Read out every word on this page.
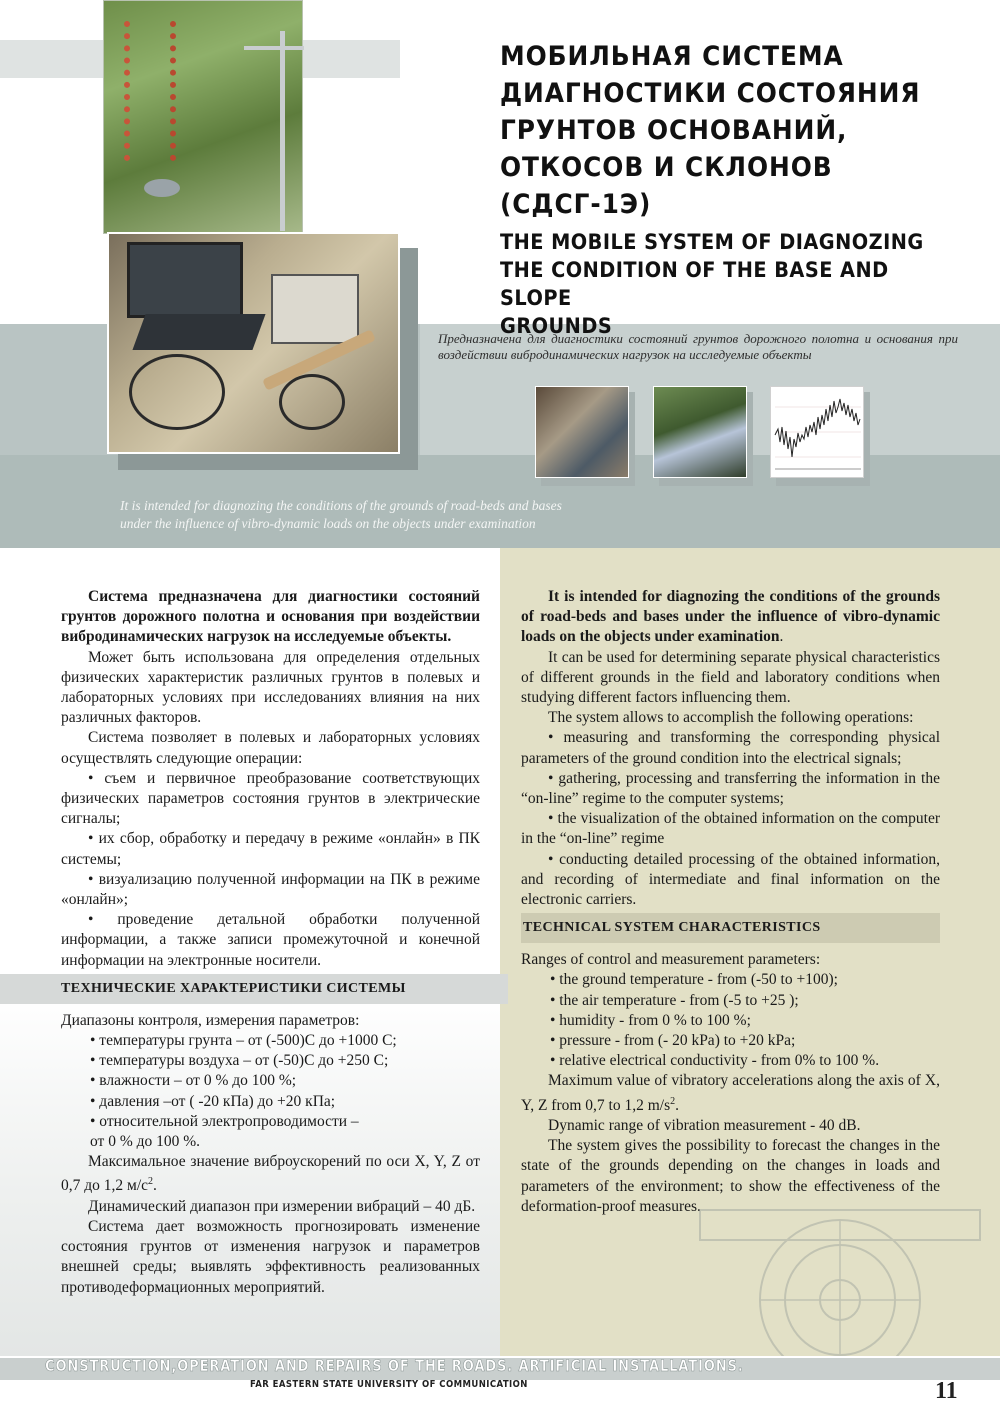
МОБИЛЬНАЯ СИСТЕМА
ДИАГНОСТИКИ СОСТОЯНИЯ
ГРУНТОВ ОСНОВАНИЙ,
ОТКОСОВ И СКЛОНОВ (СДСГ-1Э)
THE MOBILE SYSTEM OF DIAGNOZING
THE CONDITION OF THE BASE AND SLOPE
GROUNDS
Предназначена для диагностики состояний грунтов дорожного полотна и основания при воздействии вибродинамических нагрузок на исследуемые объекты
It is intended for diagnozing the conditions of the grounds of road-beds and bases
under the influence of vibro-dynamic loads on the objects under examination

Система предназначена для диагностики состояний грунтов дорожного полотна и основания при воздействии вибродинамических нагрузок на исследуемые объекты.

Может быть использована для определения отдельных физических характеристик различных грунтов в полевых и лабораторных условиях при исследованиях влияния на них различных факторов.

Система позволяет в полевых и лабораторных условиях осуществлять следующие операции:

• съем и первичное преобразование соответствующих физических параметров состояния грунтов в электрические сигналы;

• их сбор, обработку и передачу в режиме «онлайн» в ПК системы;

• визуализацию полученной информации на ПК в режиме «онлайн»;

• проведение детальной обработки полученной информации, а также записи промежуточной и конечной информации на электронные носители.

ТЕХНИЧЕСКИЕ ХАРАКТЕРИСТИКИ СИСТЕМЫ

Диапазоны контроля, измерения параметров:

• температуры грунта – от (-500)С до +1000 С;

• температуры воздуха – от (-50)С до +250 С;

• влажности – от 0 % до 100 %;

• давления –от ( -20 кПа) до +20 кПа;

• относительной электропроводимости –

от 0 % до 100 %.

Максимальное значение виброускорений по оси X, Y, Z от 0,7 до 1,2 $м/с^2$.

Динамический диапазон при измерении вибраций – 40 дБ.

Система дает возможность прогнозировать изменение состояния грунтов от изменения нагрузок и параметров внешней среды; выявлять эффективность реализованных противодеформационных мероприятий.

It is intended for diagnozing the conditions of the grounds of road-beds and bases under the influence of vibro-dynamic loads on the objects under examination.

It can be used for determining separate physical characteristics of different grounds in the field and laboratory conditions when studying different factors influencing them.

The system allows to accomplish the following operations:

• measuring and transforming the corresponding physical parameters of the ground condition into the electrical signals;

• gathering, processing and transferring the information in the “on-line” regime to the computer systems;

• the visualization of the obtained information on the computer in the “on-line” regime

• conducting detailed processing of the obtained information, and recording of intermediate and final information on the electronic carriers.

TECHNICAL SYSTEM CHARACTERISTICS

Ranges of control and measurement parameters:

• the ground temperature - from (-50 to +100);

• the air temperature - from (-5 to +25 );

• humidity - from 0 % to 100 %;

• pressure - from (- 20 kPa) to +20 kPa;

• relative electrical conductivity - from 0% to 100 %.

Maximum value of vibratory accelerations along the axis of X, Y, Z from 0,7 to 1,2 $m/s^2$.

Dynamic range of vibration measurement - 40 dB.

The system gives the possibility to forecast the changes in the state of the grounds depending on the changes in loads and parameters of the environment; to show the effectiveness of the deformation-proof measures.

CONSTRUCTION,OPERATION AND REPAIRS OF THE ROADS. ARTIFICIAL INSTALLATIONS.
FAR EASTERN STATE UNIVERSITY OF COMMUNICATION	11
